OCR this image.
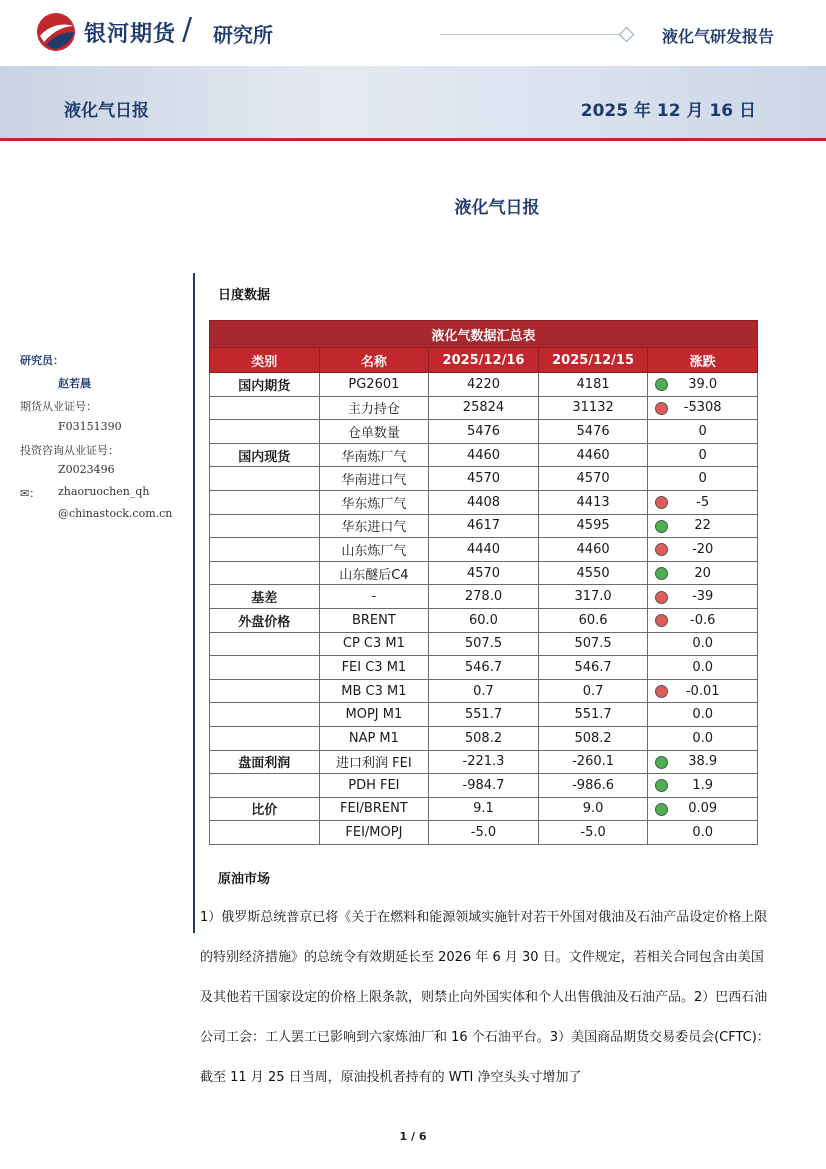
银河期货 / 研究所	液化气研发报告
液化气日报	2025 年 12 月 16 日
液化气日报
研究员：
赵若晨
期货从业证号：
F03151390
投资咨询从业证号：
Z0023496
✉： zhaoruochen_qh
@chinastock.com.cn
日度数据
液化气数据汇总表				
类别	名称	2025/12/16	2025/12/15	涨跌
国内期货	PG2601	4220	4181	39.0
	主力持仓	25824	31132	-5308
	仓单数量	5476	5476	0
国内现货	华南炼厂气	4460	4460	0
	华南进口气	4570	4570	0
	华东炼厂气	4408	4413	-5
	华东进口气	4617	4595	22
	山东炼厂气	4440	4460	-20
	山东醚后C4	4570	4550	20
基差	-	278.0	317.0	-39
外盘价格	BRENT	60.0	60.6	-0.6
	CP C3 M1	507.5	507.5	0.0
	FEI C3 M1	546.7	546.7	0.0
	MB C3 M1	0.7	0.7	-0.01
	MOPJ M1	551.7	551.7	0.0
	NAP M1	508.2	508.2	0.0
盘面利润	进口利润 FEI	-221.3	-260.1	38.9
	PDH FEI	-984.7	-986.6	1.9
比价	FEI/BRENT	9.1	9.0	0.09
	FEI/MOPJ	-5.0	-5.0	0.0
原油市场
1）俄罗斯总统普京已将《关于在燃料和能源领域实施针对若干外国对俄油及石油产品设定价格上限的特别经济措施》的总统令有效期延长至 2026 年 6 月 30 日。文件规定，若相关合同包含由美国及其他若干国家设定的价格上限条款，则禁止向外国实体和个人出售俄油及石油产品。2）巴西石油公司工会：工人罢工已影响到六家炼油厂和 16 个石油平台。3）美国商品期货交易委员会(CFTC)：截至 11 月 25 日当周，原油投机者持有的 WTI 净空头头寸增加了
1 / 6
